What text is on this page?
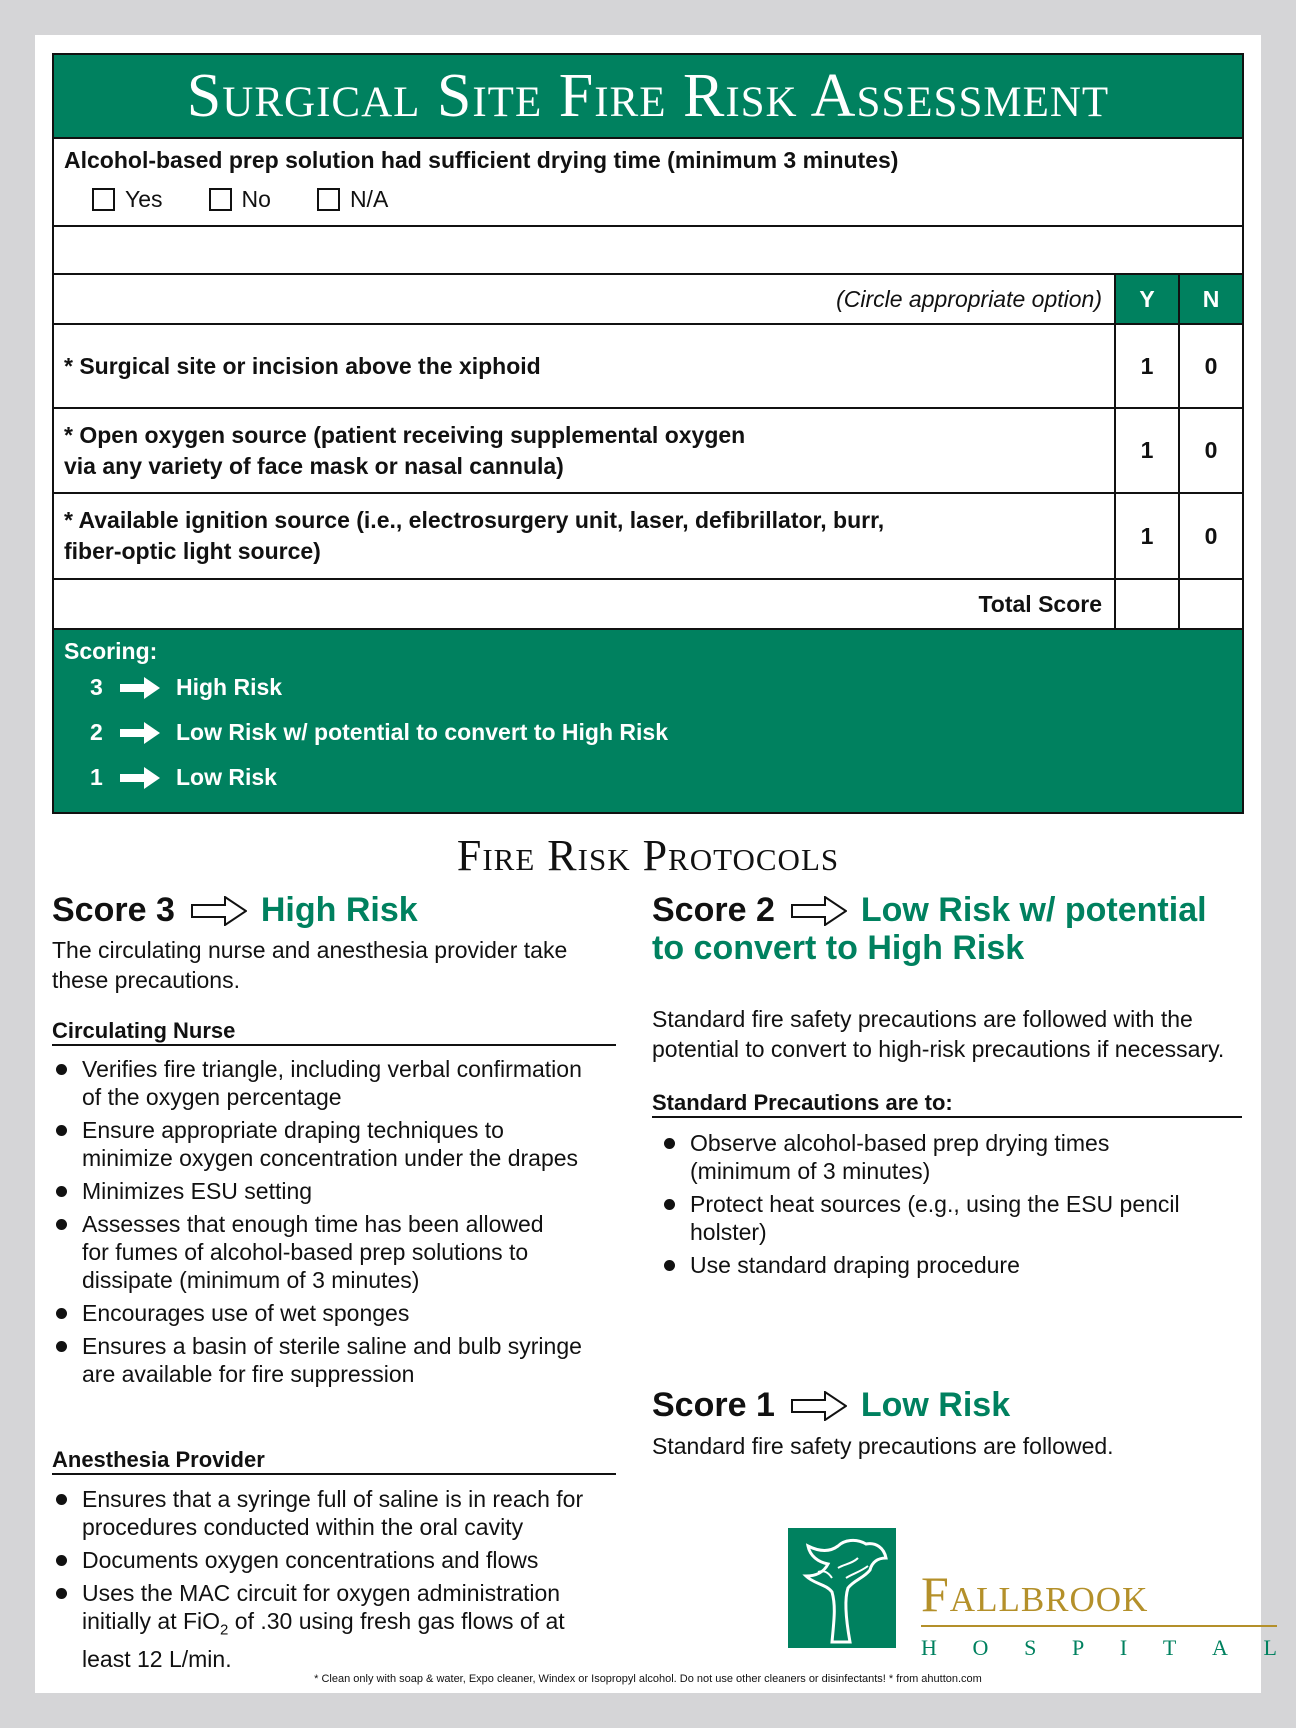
Surgical Site Fire Risk Assessment
Alcohol-based prep solution had sufficient drying time (minimum 3 minutes)
Yes	No	N/A
(Circle appropriate option)	Y	N
* Surgical site or incision above the xiphoid	1	0
* Open oxygen source (patient receiving supplemental oxygen
via any variety of face mask or nasal cannula)
1	0
* Available ignition source (i.e., electrosurgery unit, laser, defibrillator, burr,
fiber-optic light source)
1	0
Total Score
Scoring:
3	High Risk
2	Low Risk w/ potential to convert to High Risk
1	Low Risk
Fire Risk Protocols
Score 3	High Risk
The circulating nurse and anesthesia provider take
these precautions.
Circulating Nurse
Verifies fire triangle, including verbal confirmation
of the oxygen percentage
Ensure appropriate draping techniques to
minimize oxygen concentration under the drapes
Minimizes ESU setting
Assesses that enough time has been allowed
for fumes of alcohol-based prep solutions to
dissipate (minimum of 3 minutes)
Encourages use of wet sponges
Ensures a basin of sterile saline and bulb syringe
are available for fire suppression
Anesthesia Provider
Ensures that a syringe full of saline is in reach for
procedures conducted within the oral cavity
Documents oxygen concentrations and flows
Uses the MAC circuit for oxygen administration
initially at FiO$_2$ of .30 using fresh gas flows of at
least 12 L/min.
Score 2	Low Risk w/ potential
to convert to High Risk
Standard fire safety precautions are followed with the
potential to convert to high-risk precautions if necessary.
Standard Precautions are to:
Observe alcohol-based prep drying times
(minimum of 3 minutes)
Protect heat sources (e.g., using the ESU pencil
holster)
Use standard draping procedure
Score 1	Low Risk
Standard fire safety precautions are followed.
Fallbrook
H O S P I T A L
* Clean only with soap & water, Expo cleaner, Windex or Isopropyl alcohol. Do not use other cleaners or disinfectants! * from ahutton.com
